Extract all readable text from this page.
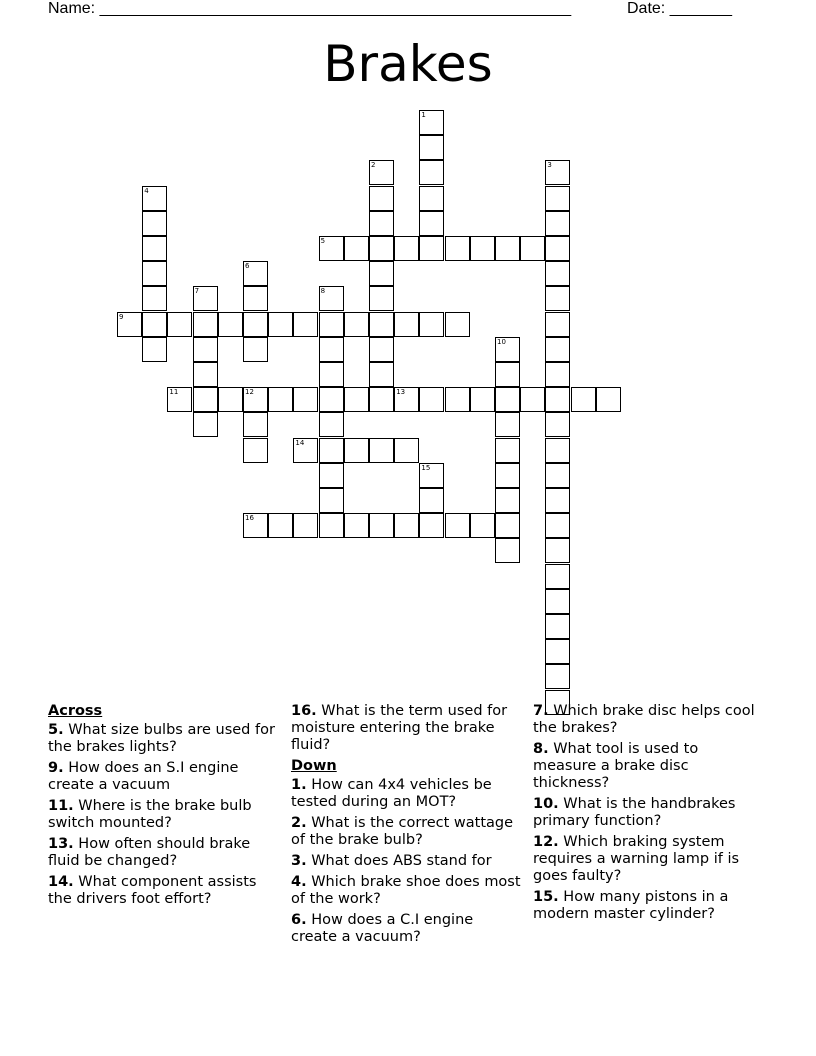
Name: _____________________________________________________	Date: _______
Brakes
1
2	3
4
5
6
7	8
9
10
11	12	13
14
15
16
Across
5. What size bulbs are used for the brakes lights?
9. How does an S.I engine create a vacuum
11. Where is the brake bulb switch mounted?
13. How often should brake fluid be changed?
14. What component assists the drivers foot effort?
16. What is the term used for moisture entering the brake fluid?
Down
1. How can 4x4 vehicles be tested during an MOT?
2. What is the correct wattage of the brake bulb?
3. What does ABS stand for
4. Which brake shoe does most of the work?
6. How does a C.I engine create a vacuum?
7. Which brake disc helps cool the brakes?
8. What tool is used to measure a brake disc thickness?
10. What is the handbrakes primary function?
12. Which braking system requires a warning lamp if is goes faulty?
15. How many pistons in a modern master cylinder?
